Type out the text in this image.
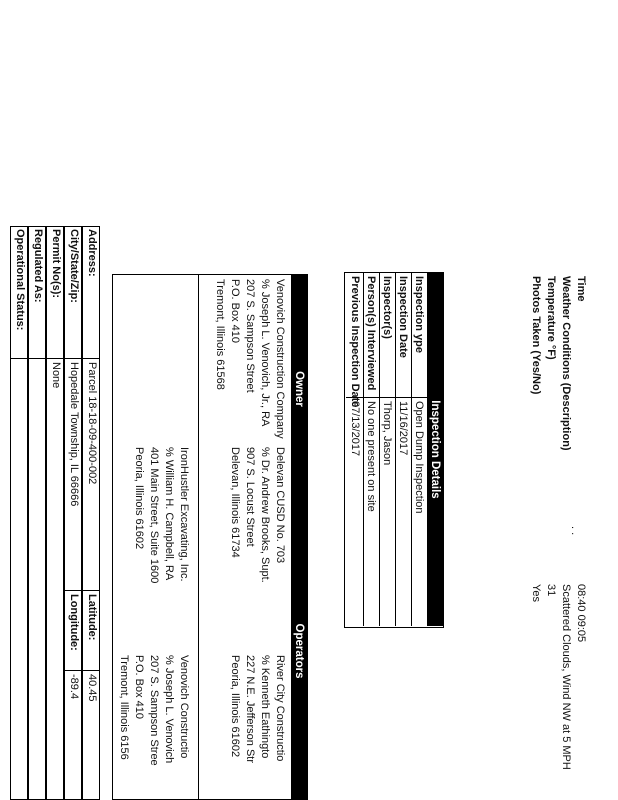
Address:
Parcel 18-18-09-400-002
Latitude:
40.45
City/State/Zip:
Hopedale Township, IL 66666
Longitude:
-89.4
Permit No(s):
None
Regulated As:
Operational Status:
Owner
Operators
Venovich Construction Company
% Joseph L. Venovich, Jr., RA
207 S. Sampson Street
P.O. Box 410
Tremont, Illinois 61568
Delevan CUSD No. 703
% Dr. Andrew Brooks, Supt.
907 S. Locust Street
Delevan, Illinois 61734
River City Constructio
% Kenneth Eathingto
227 N.E. Jefferson Str
Peoria, Illinois 61602
IronHustler Excavating, Inc.
% William H. Campbell, RA
401 Main Street, Suite 1600
Peoria, Illinois 61602
Venovich Constructio
% Joseph L. Venovich
207 S. Sampson Stree
P.O. Box 410
Tremont, Illinois 6156
Inspection Details
Inspection ype
Open Dump Inspection
Inspection Date
11/16/2017
Inspector(s)
Thorp, Jason
Person(s) Interviewed
No one present on site
Previous Inspection Date
07/13/2017
Time
08:40 09:05
Weather Conditions (Description)
Scattered Clouds, Wind NW at 5 MPH
Temperature °F)
31
Photos Taken (Yes/No)
Yes
. .
